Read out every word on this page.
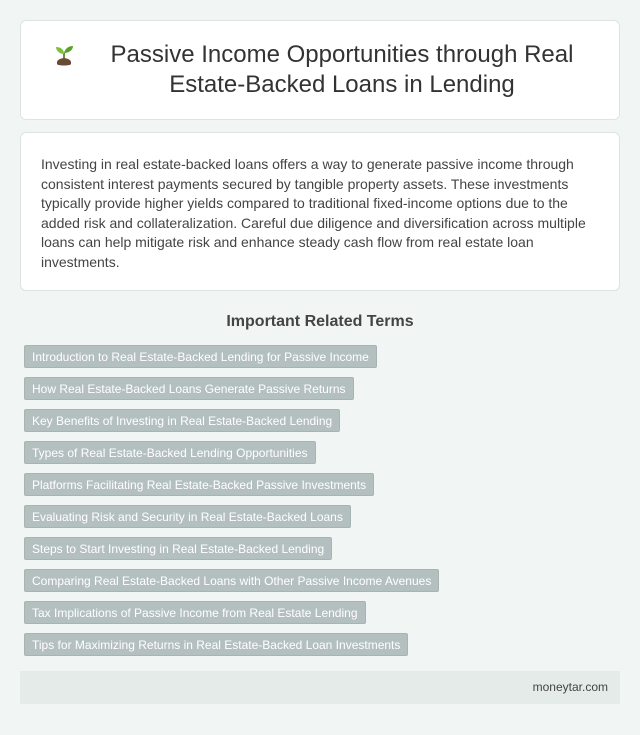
Passive Income Opportunities through Real Estate-Backed Loans in Lending

Investing in real estate-backed loans offers a way to generate passive income through consistent interest payments secured by tangible property assets. These investments typically provide higher yields compared to traditional fixed-income options due to the added risk and collateralization. Careful due diligence and diversification across multiple loans can help mitigate risk and enhance steady cash flow from real estate loan investments.

Important Related Terms
Introduction to Real Estate-Backed Lending for Passive Income
How Real Estate-Backed Loans Generate Passive Returns
Key Benefits of Investing in Real Estate-Backed Lending
Types of Real Estate-Backed Lending Opportunities
Platforms Facilitating Real Estate-Backed Passive Investments
Evaluating Risk and Security in Real Estate-Backed Loans
Steps to Start Investing in Real Estate-Backed Lending
Comparing Real Estate-Backed Loans with Other Passive Income Avenues
Tax Implications of Passive Income from Real Estate Lending
Tips for Maximizing Returns in Real Estate-Backed Loan Investments
moneytar.com
